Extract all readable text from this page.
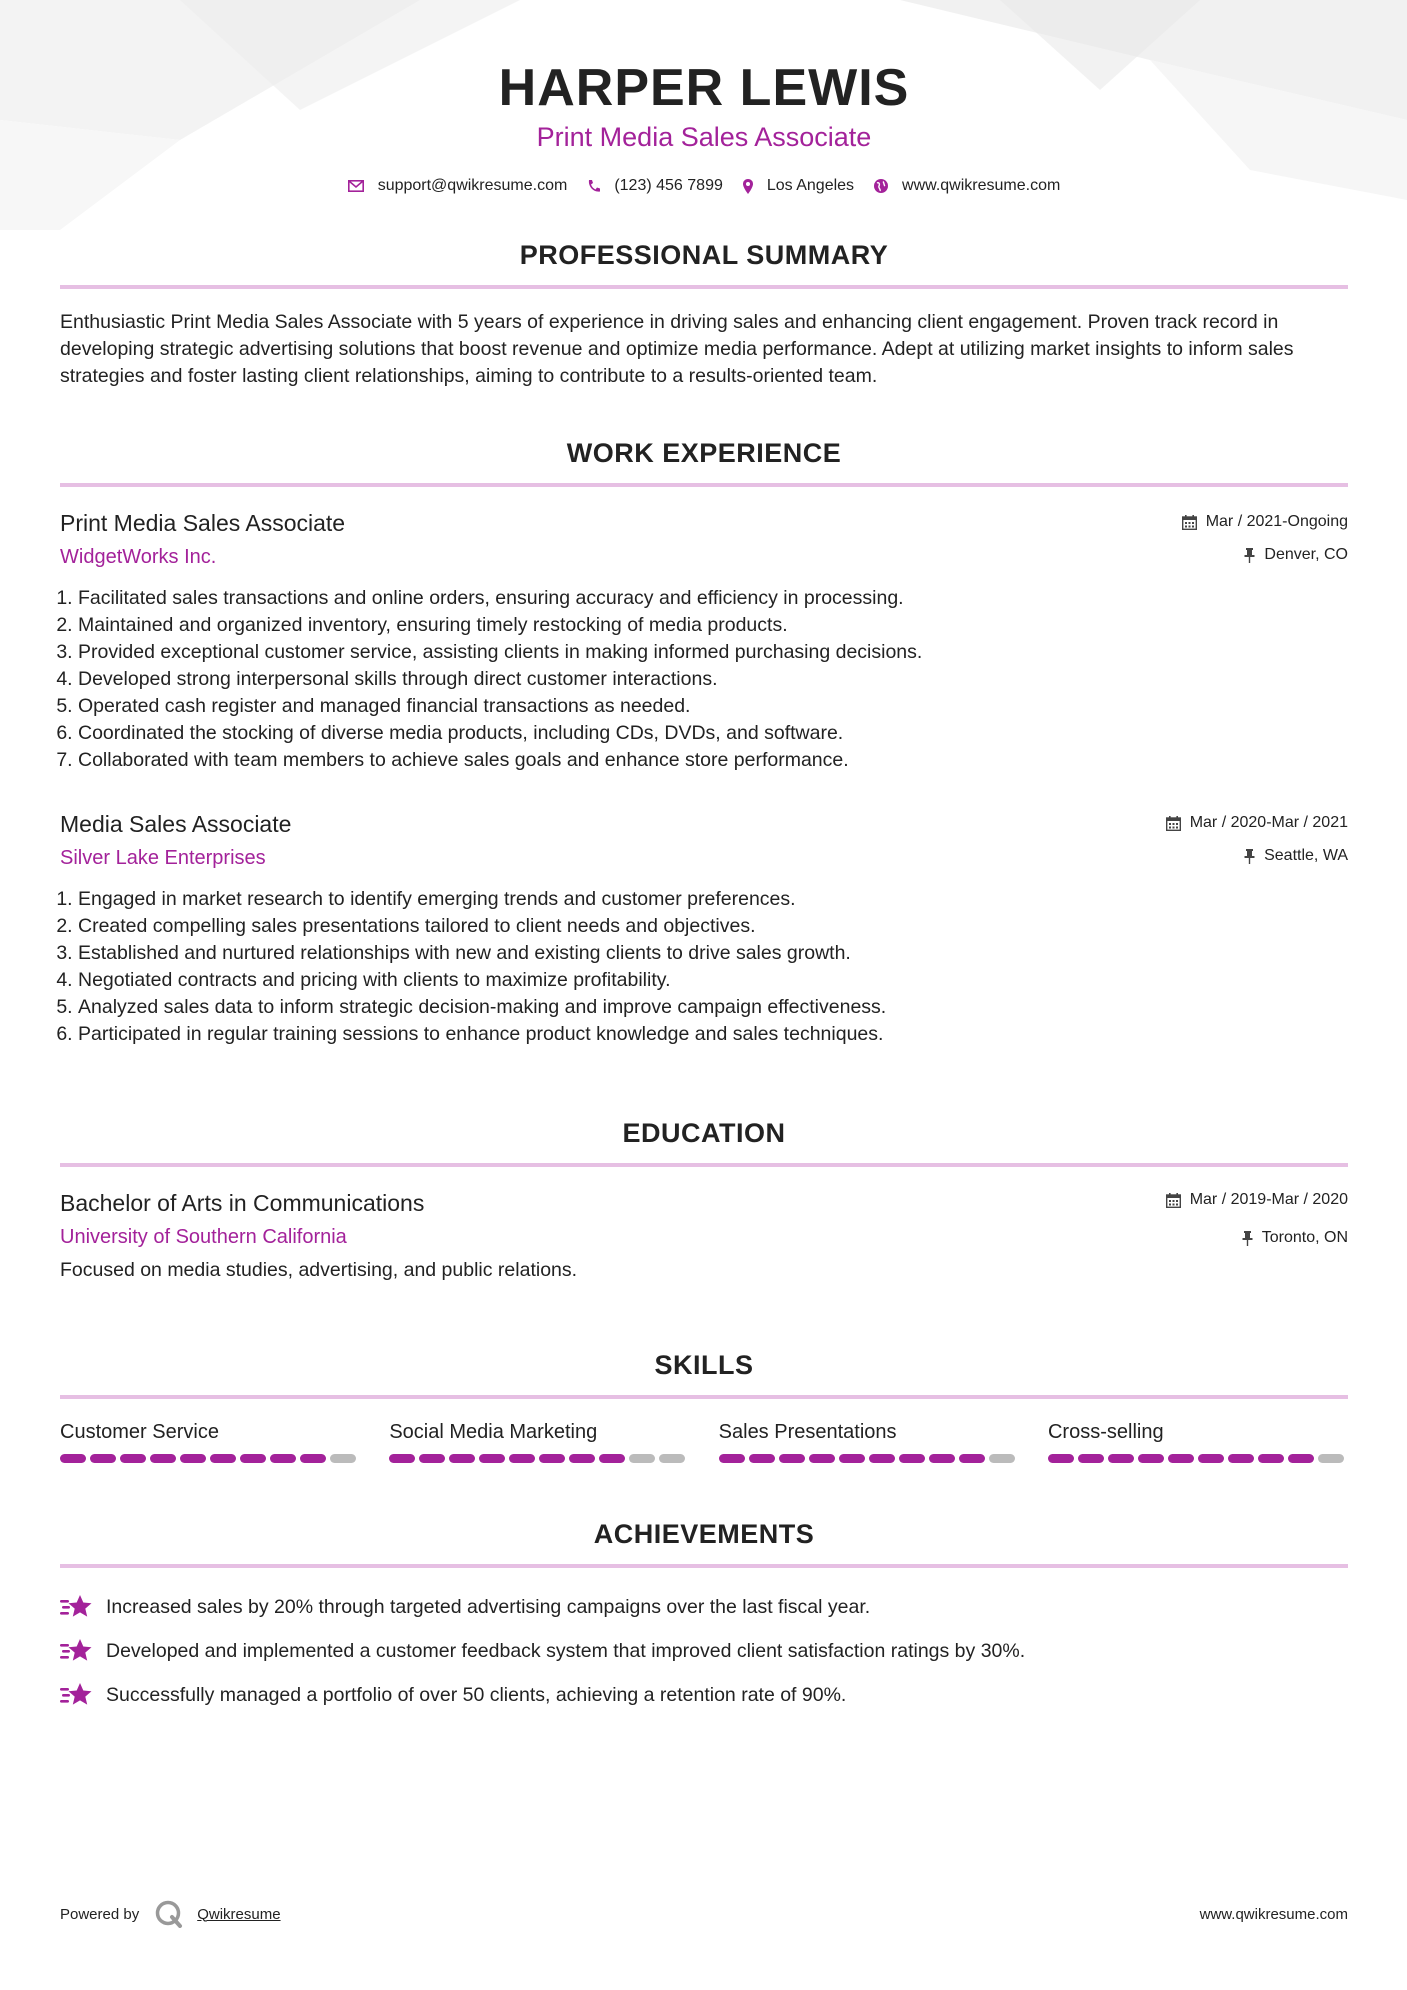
HARPER LEWIS
Print Media Sales Associate
support@qwikresume.com	(123) 456 7899	Los Angeles	www.qwikresume.com
PROFESSIONAL SUMMARY
Enthusiastic Print Media Sales Associate with 5 years of experience in driving sales and enhancing client engagement. Proven track record in developing strategic advertising solutions that boost revenue and optimize media performance. Adept at utilizing market insights to inform sales strategies and foster lasting client relationships, aiming to contribute to a results-oriented team.
WORK EXPERIENCE
Mar / 2021-Ongoing
Denver, CO
Print Media Sales Associate
WidgetWorks Inc.
1. Facilitated sales transactions and online orders, ensuring accuracy and efficiency in processing.
2. Maintained and organized inventory, ensuring timely restocking of media products.
3. Provided exceptional customer service, assisting clients in making informed purchasing decisions.
4. Developed strong interpersonal skills through direct customer interactions.
5. Operated cash register and managed financial transactions as needed.
6. Coordinated the stocking of diverse media products, including CDs, DVDs, and software.
7. Collaborated with team members to achieve sales goals and enhance store performance.
Mar / 2020-Mar / 2021
Seattle, WA
Media Sales Associate
Silver Lake Enterprises
1. Engaged in market research to identify emerging trends and customer preferences.
2. Created compelling sales presentations tailored to client needs and objectives.
3. Established and nurtured relationships with new and existing clients to drive sales growth.
4. Negotiated contracts and pricing with clients to maximize profitability.
5. Analyzed sales data to inform strategic decision-making and improve campaign effectiveness.
6. Participated in regular training sessions to enhance product knowledge and sales techniques.
EDUCATION
Mar / 2019-Mar / 2020
Toronto, ON
Bachelor of Arts in Communications
University of Southern California
Focused on media studies, advertising, and public relations.
SKILLS
Customer Service	Social Media Marketing	Sales Presentations	Cross-selling
ACHIEVEMENTS
Increased sales by 20% through targeted advertising campaigns over the last fiscal year.
Developed and implemented a customer feedback system that improved client satisfaction ratings by 30%.
Successfully managed a portfolio of over 50 clients, achieving a retention rate of 90%.
Powered by	Qwikresume	www.qwikresume.com
